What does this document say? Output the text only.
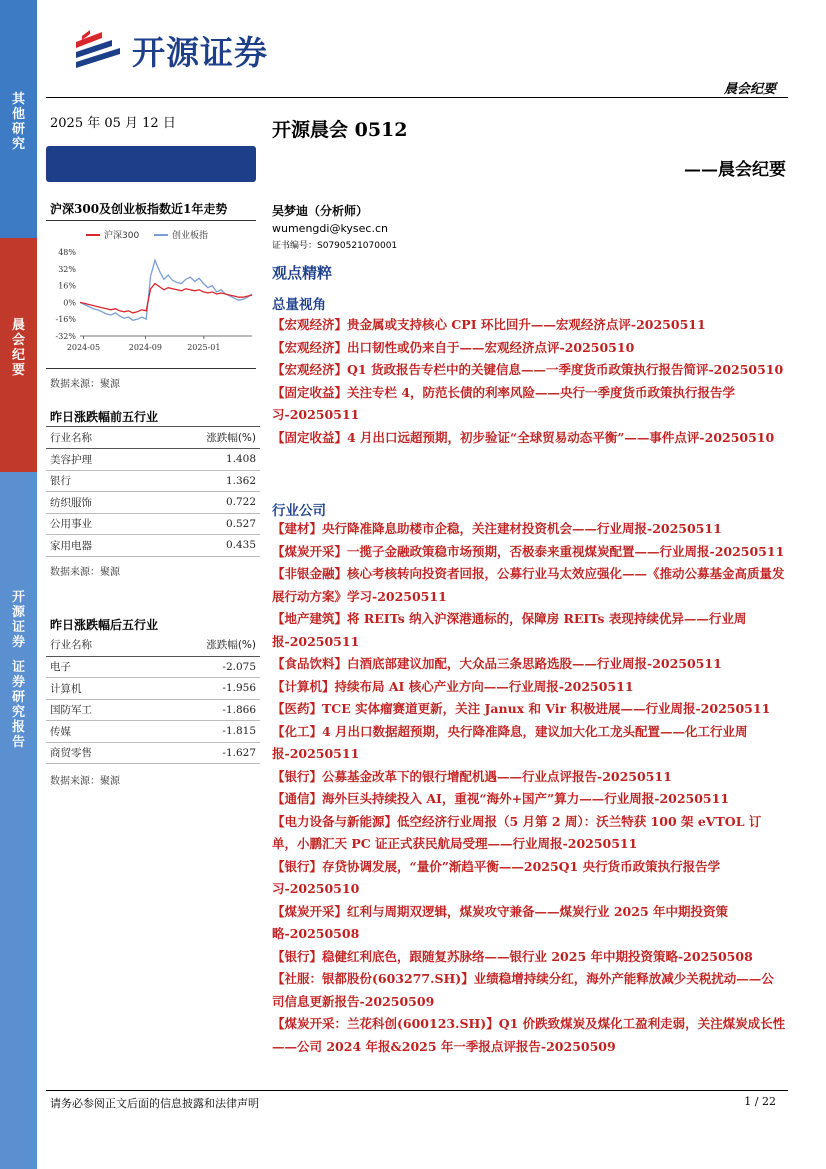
其
他
研
究
晨
会
纪
要
开
源
证
券
证
券
研
究
报
告
开源证券
晨会纪要
2025 年 05 月 12 日
沪深300及创业板指数近1年走势
沪深300	创业板指
48%
32%
16%
0%
-16%
-32%
2024-05	2024-09	2025-01
数据来源：聚源
昨日涨跌幅前五行业
行业名称	涨跌幅(%)
美容护理	1.408
银行	1.362
纺织服饰	0.722
公用事业	0.527
家用电器	0.435
数据来源：聚源
昨日涨跌幅后五行业
行业名称	涨跌幅(%)
电子	-2.075
计算机	-1.956
国防军工	-1.866
传媒	-1.815
商贸零售	-1.627
数据来源：聚源
开源晨会 0512
——晨会纪要
吴梦迪（分析师）
wumengdi@kysec.cn
证书编号：S0790521070001
观点精粹
总量视角
【宏观经济】贵金属或支持核心 CPI 环比回升——宏观经济点评-20250511
【宏观经济】出口韧性或仍来自于——宏观经济点评-20250510
【宏观经济】Q1 货政报告专栏中的关键信息——一季度货币政策执行报告简评-20250510
【固定收益】关注专栏 4，防范长债的利率风险——央行一季度货币政策执行报告学习-20250511
【固定收益】4 月出口远超预期，初步验证“全球贸易动态平衡”——事件点评-20250510
行业公司
【建材】央行降准降息助楼市企稳，关注建材投资机会——行业周报-20250511
【煤炭开采】一揽子金融政策稳市场预期，否极泰来重视煤炭配置——行业周报-20250511
【非银金融】核心考核转向投资者回报，公募行业马太效应强化——《推动公募基金高质量发展行动方案》学习-20250511
【地产建筑】将 REITs 纳入沪深港通标的，保障房 REITs 表现持续优异——行业周报-20250511
【食品饮料】白酒底部建议加配，大众品三条思路选股——行业周报-20250511
【计算机】持续布局 AI 核心产业方向——行业周报-20250511
【医药】TCE 实体瘤赛道更新，关注 Janux 和 Vir 积极进展——行业周报-20250511
【化工】4 月出口数据超预期，央行降准降息，建议加大化工龙头配置——化工行业周报-20250511
【银行】公募基金改革下的银行增配机遇——行业点评报告-20250511
【通信】海外巨头持续投入 AI，重视“海外+国产”算力——行业周报-20250511
【电力设备与新能源】低空经济行业周报（5 月第 2 周）：沃兰特获 100 架 eVTOL 订单，小鹏汇天 PC 证正式获民航局受理——行业周报-20250511
【银行】存贷协调发展，“量价”渐趋平衡——2025Q1 央行货币政策执行报告学习-20250510
【煤炭开采】红利与周期双逻辑，煤炭攻守兼备——煤炭行业 2025 年中期投资策略-20250508
【银行】稳健红利底色，跟随复苏脉络——银行业 2025 年中期投资策略-20250508
【社服：银都股份(603277.SH)】业绩稳增持续分红，海外产能释放减少关税扰动——公司信息更新报告-20250509
【煤炭开采：兰花科创(600123.SH)】Q1 价跌致煤炭及煤化工盈利走弱，关注煤炭成长性——公司 2024 年报&2025 年一季报点评报告-20250509
请务必参阅正文后面的信息披露和法律声明	1 / 22
